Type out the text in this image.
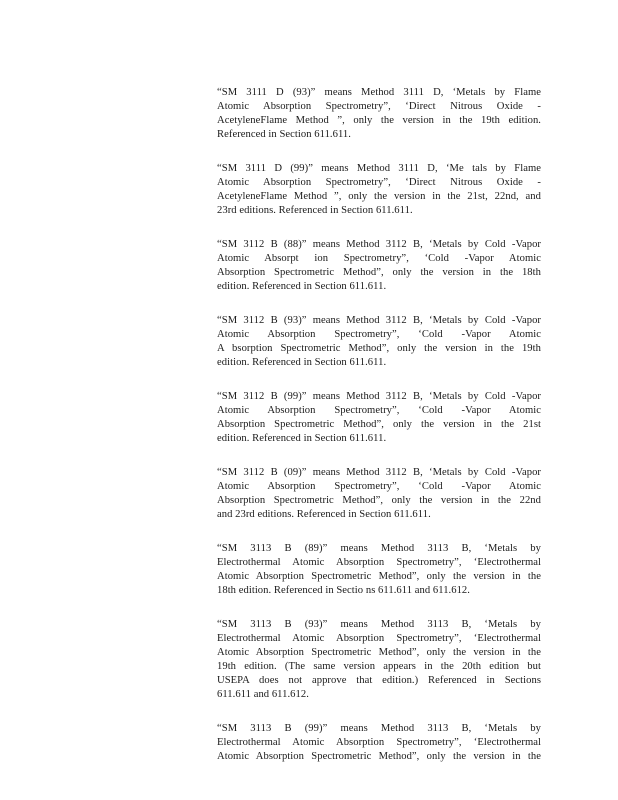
“SM 3111 D (93)” means Method 3111 D, ‘Metals by Flame
Atomic Absorption Spectrometry”, ‘Direct Nitrous Oxide -
AcetyleneFlame Method ”, only the version in the 19th edition.
Referenced in Section 611.611.
“SM 3111 D (99)” means Method 3111 D, ‘Me tals by Flame
Atomic Absorption Spectrometry”, ‘Direct Nitrous Oxide -
AcetyleneFlame Method ”, only the version in the 21st, 22nd, and
23rd editions. Referenced in Section 611.611.
“SM 3112 B (88)” means Method 3112 B, ‘Metals by Cold -Vapor
Atomic Absorpt ion Spectrometry”, ‘Cold -Vapor Atomic
Absorption Spectrometric Method”, only the version in the 18th
edition. Referenced in Section 611.611.
“SM 3112 B (93)” means Method 3112 B, ‘Metals by Cold -Vapor
Atomic Absorption Spectrometry”, ‘Cold -Vapor Atomic
A bsorption Spectrometric Method”, only the version in the 19th
edition. Referenced in Section 611.611.
“SM 3112 B (99)” means Method 3112 B, ‘Metals by Cold -Vapor
Atomic Absorption Spectrometry”, ‘Cold -Vapor Atomic
Absorption Spectrometric Method”, only the version in the 21st
edition. Referenced in Section 611.611.
“SM 3112 B (09)” means Method 3112 B, ‘Metals by Cold -Vapor
Atomic Absorption Spectrometry”, ‘Cold -Vapor Atomic
Absorption Spectrometric Method”, only the version in the 22nd
and 23rd editions. Referenced in Section 611.611.
“SM 3113 B (89)” means Method 3113 B, ‘Metals by
Electrothermal Atomic Absorption Spectrometry”, ‘Electrothermal
Atomic Absorption Spectrometric Method”, only the version in the
18th edition. Referenced in Sectio ns 611.611 and 611.612.
“SM 3113 B (93)” means Method 3113 B, ‘Metals by
Electrothermal Atomic Absorption Spectrometry”, ‘Electrothermal
Atomic Absorption Spectrometric Method”, only the version in the
19th edition. (The same version appears in the 20th edition but
USEPA does not approve that edition.) Referenced in Sections
611.611 and 611.612.
“SM 3113 B (99)” means Method 3113 B, ‘Metals by
Electrothermal Atomic Absorption Spectrometry”, ‘Electrothermal
Atomic Absorption Spectrometric Method”, only the version in the
